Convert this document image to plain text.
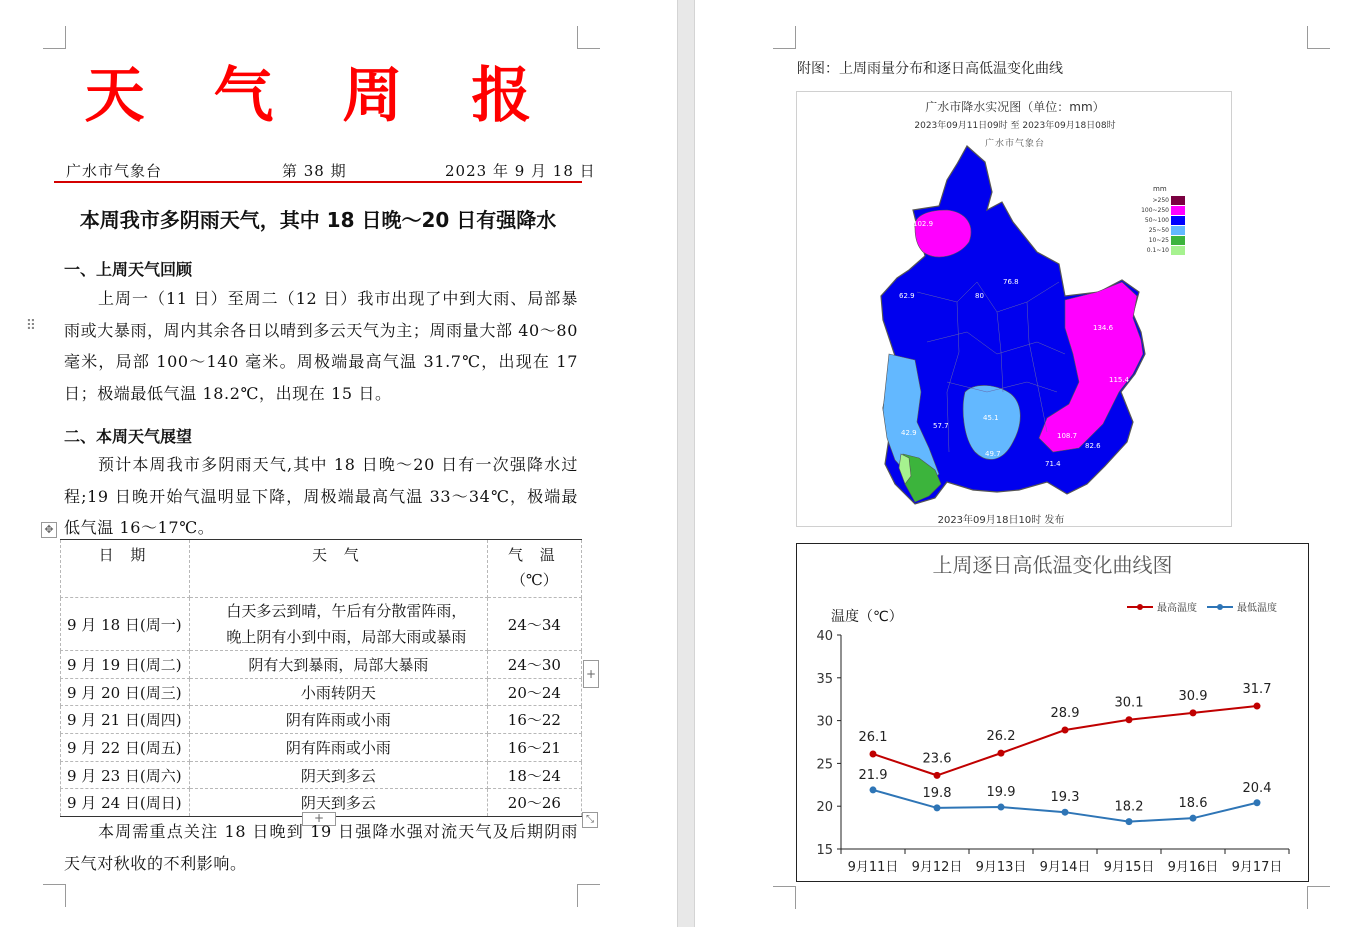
天 气 周 报
广水市气象台	第 38 期	2023 年 9 月 18 日
本周我市多阴雨天气，其中 18 日晚～20 日有强降水
一、上周天气回顾
上周一（11 日）至周二（12 日）我市出现了中到大雨、局部暴雨或大暴雨，周内其余各日以晴到多云天气为主；周雨量大部 40～80 毫米，局部 100～140 毫米。周极端最高气温 31.7℃，出现在 17 日；极端最低气温 18.2℃，出现在 15 日。
二、本周天气展望
预计本周我市多阴雨天气,其中 18 日晚～20 日有一次强降水过程;19 日晚开始气温明显下降，周极端最高气温 33～34℃，极端最低气温 16～17℃。
⠿
✥
日 期	天 气	气 温
（℃）

9 月 18 日(周一)	白天多云到晴，午后有分散雷阵雨，
晚上阴有小到中雨，局部大雨或暴雨	24～34
9 月 19 日(周二)	阴有大到暴雨，局部大暴雨	24～30
9 月 20 日(周三)	小雨转阴天	20～24
9 月 21 日(周四)	阴有阵雨或小雨	16～22
9 月 22 日(周五)	阴有阵雨或小雨	16～21
9 月 23 日(周六)	阴天到多云	18～24
9 月 24 日(周日)	阴天到多云	20～26
+
+	⤡
本周需重点关注 18 日晚到 19 日强降水强对流天气及后期阴雨天气对秋收的不利影响。
附图：上周雨量分布和逐日高低温变化曲线
广水市降水实况图（单位：mm）
2023年09月11日09时 至 2023年09月18日08时
广水市气象台
mm
>250
100~250
50~100
25~50
10~25
0.1~10
102.9
62.9
76.8
80
134.6
115.4
108.7
57.7
45.1
49.7
42.9
71.4
82.6
2023年09月18日10时 发布
上周逐日高低温变化曲线图
温度（℃）
最高温度	最低温度
15
20
25
30
35
40
9月11日 9月12日 9月13日 9月14日 9月15日 9月16日 9月17日
26.1
23.6
26.2
28.9
30.1	30.9	31.7
21.9
19.8	19.9	19.3
18.2	18.6
20.4
